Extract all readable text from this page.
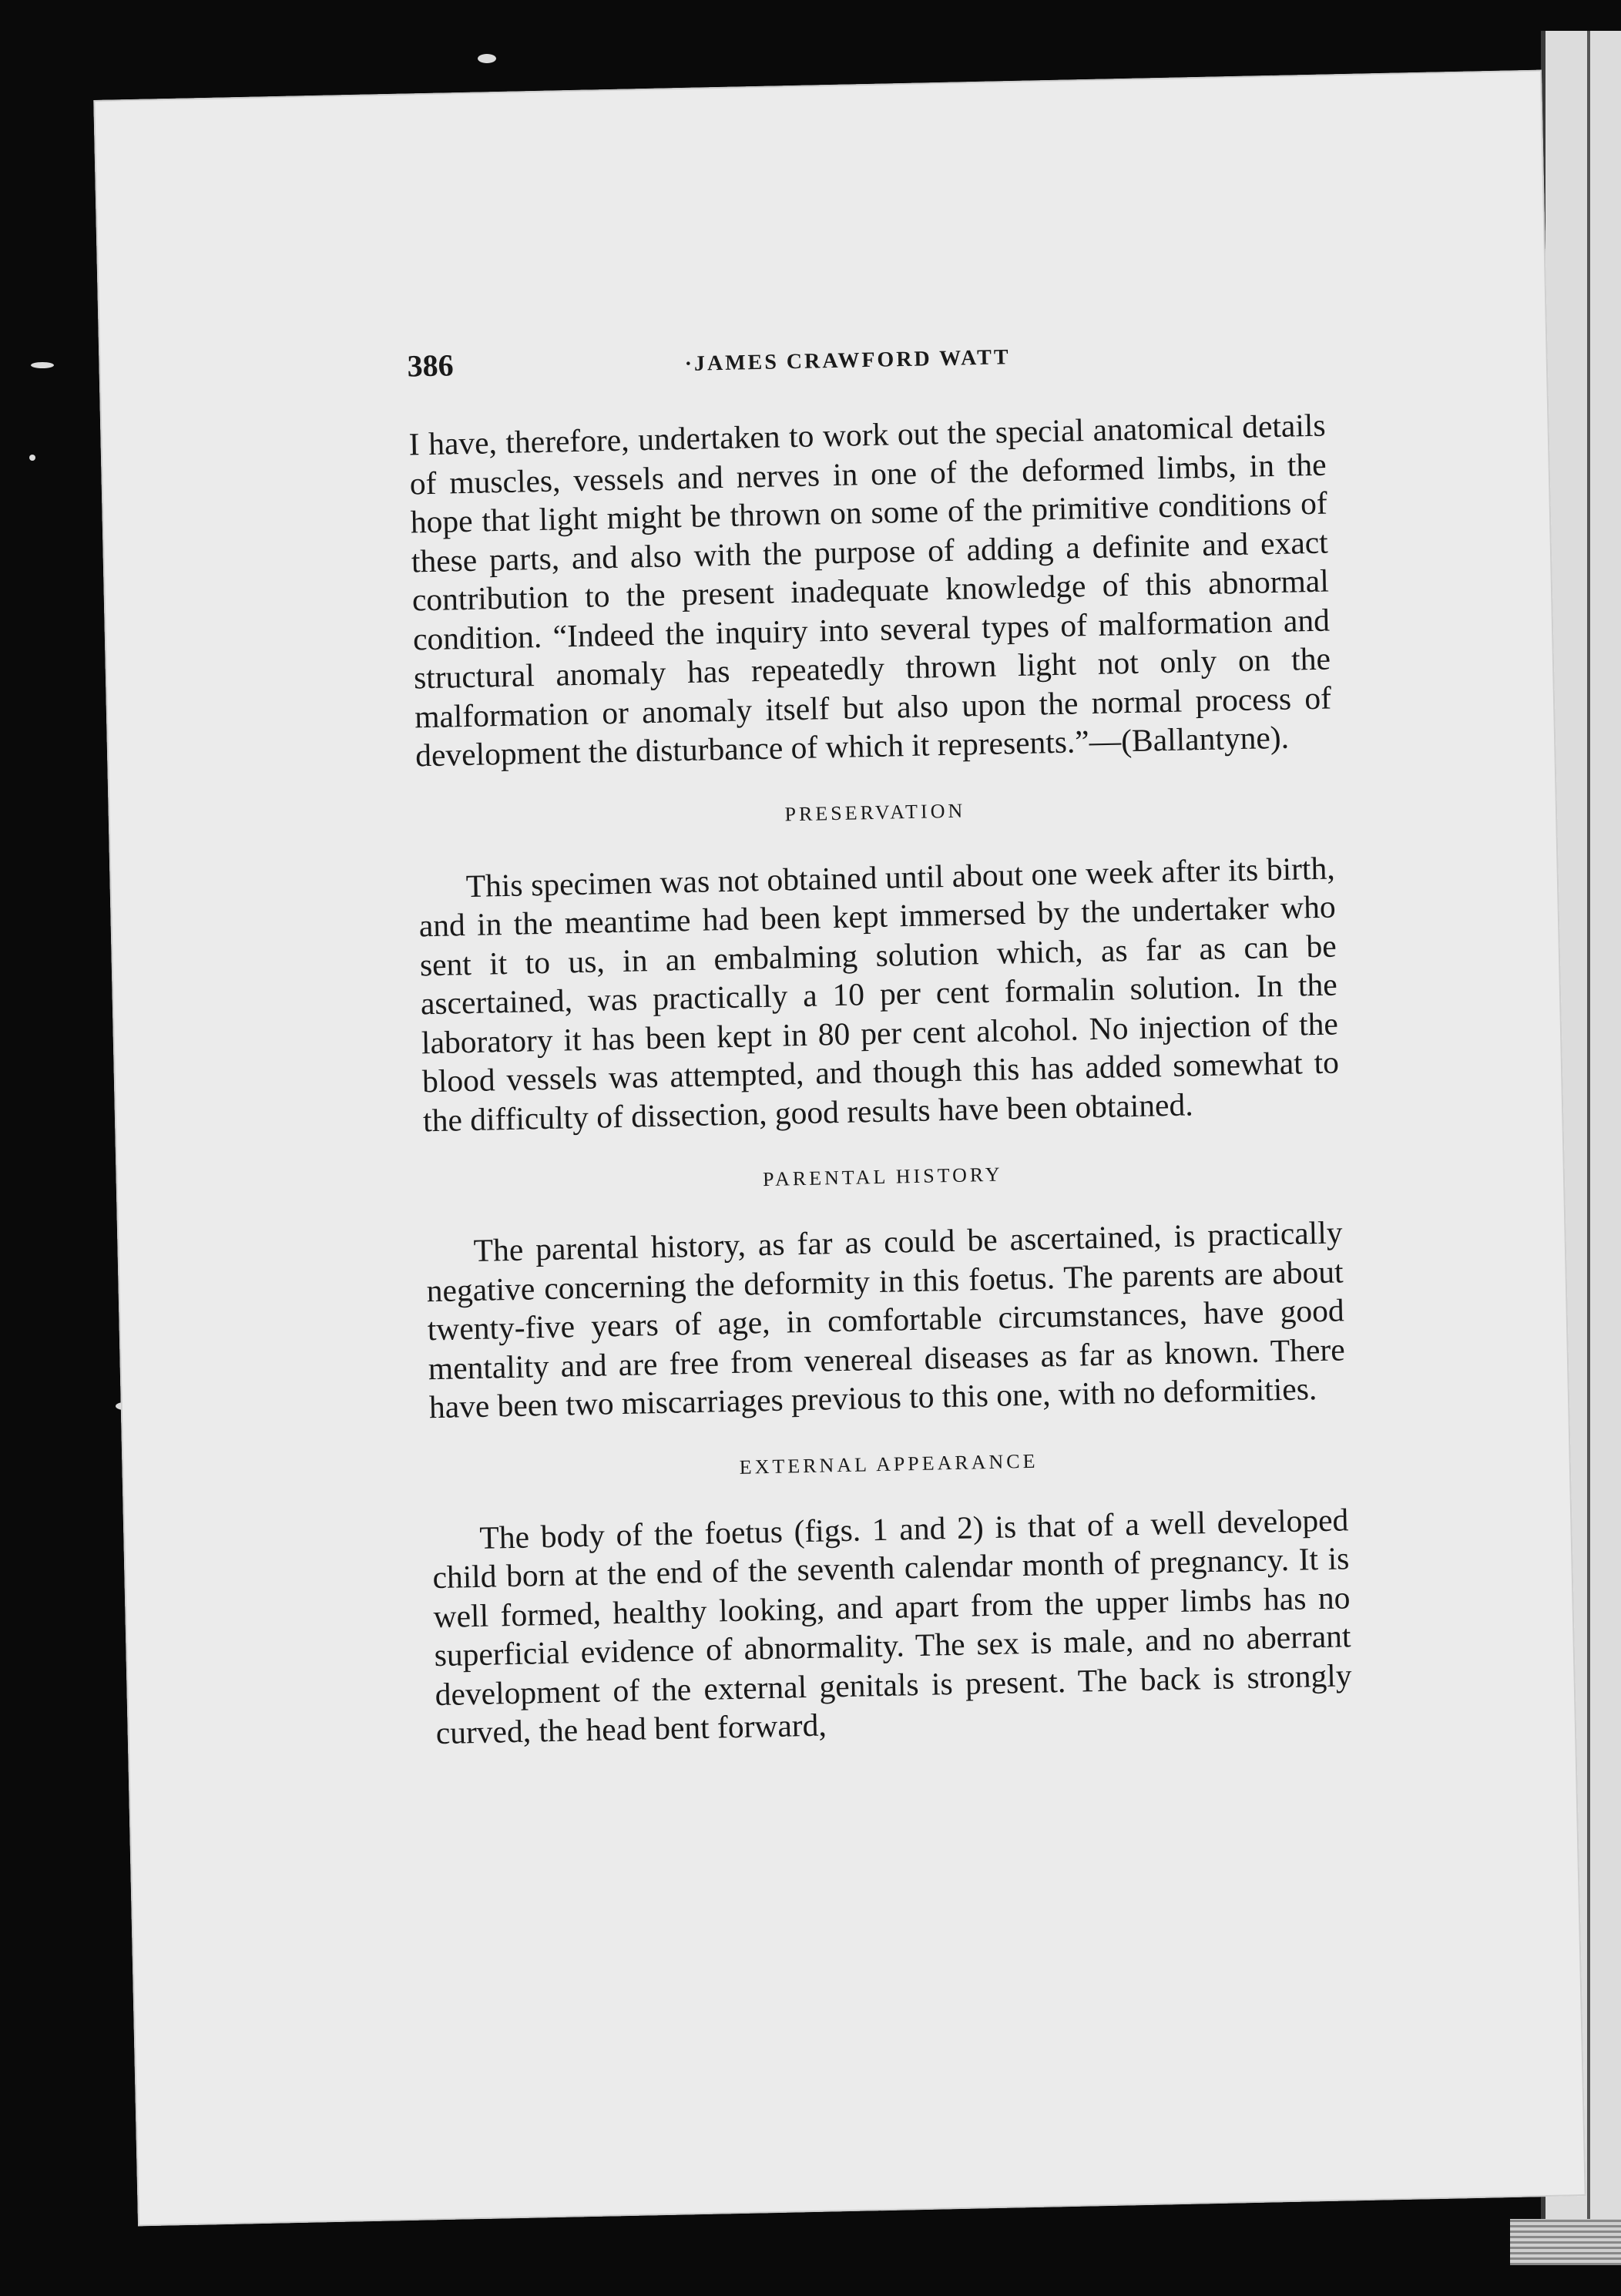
386	·JAMES CRAWFORD WATT

I have, therefore, undertaken to work out the special anatomical details of muscles, vessels and nerves in one of the deformed limbs, in the hope that light might be thrown on some of the primitive conditions of these parts, and also with the purpose of adding a definite and exact contribution to the present inadequate knowledge of this abnormal condition. “Indeed the inquiry into several types of malformation and structural anomaly has repeatedly thrown light not only on the malformation or anomaly itself but also upon the normal process of development the disturbance of which it represents.”—(Ballantyne).

PRESERVATION

This specimen was not obtained until about one week after its birth, and in the meantime had been kept immersed by the undertaker who sent it to us, in an embalming solution which, as far as can be ascertained, was practically a 10 per cent formalin solution. In the laboratory it has been kept in 80 per cent alcohol. No injection of the blood vessels was attempted, and though this has added somewhat to the difficulty of dissection, good results have been obtained.

PARENTAL HISTORY

The parental history, as far as could be ascertained, is practically negative concerning the deformity in this foetus. The parents are about twenty-five years of age, in comfortable circumstances, have good mentality and are free from venereal diseases as far as known. There have been two miscarriages previous to this one, with no deformities.

EXTERNAL APPEARANCE

The body of the foetus (figs. 1 and 2) is that of a well developed child born at the end of the seventh calendar month of pregnancy. It is well formed, healthy looking, and apart from the upper limbs has no superficial evidence of abnormality. The sex is male, and no aberrant development of the external genitals is present. The back is strongly curved, the head bent forward,
